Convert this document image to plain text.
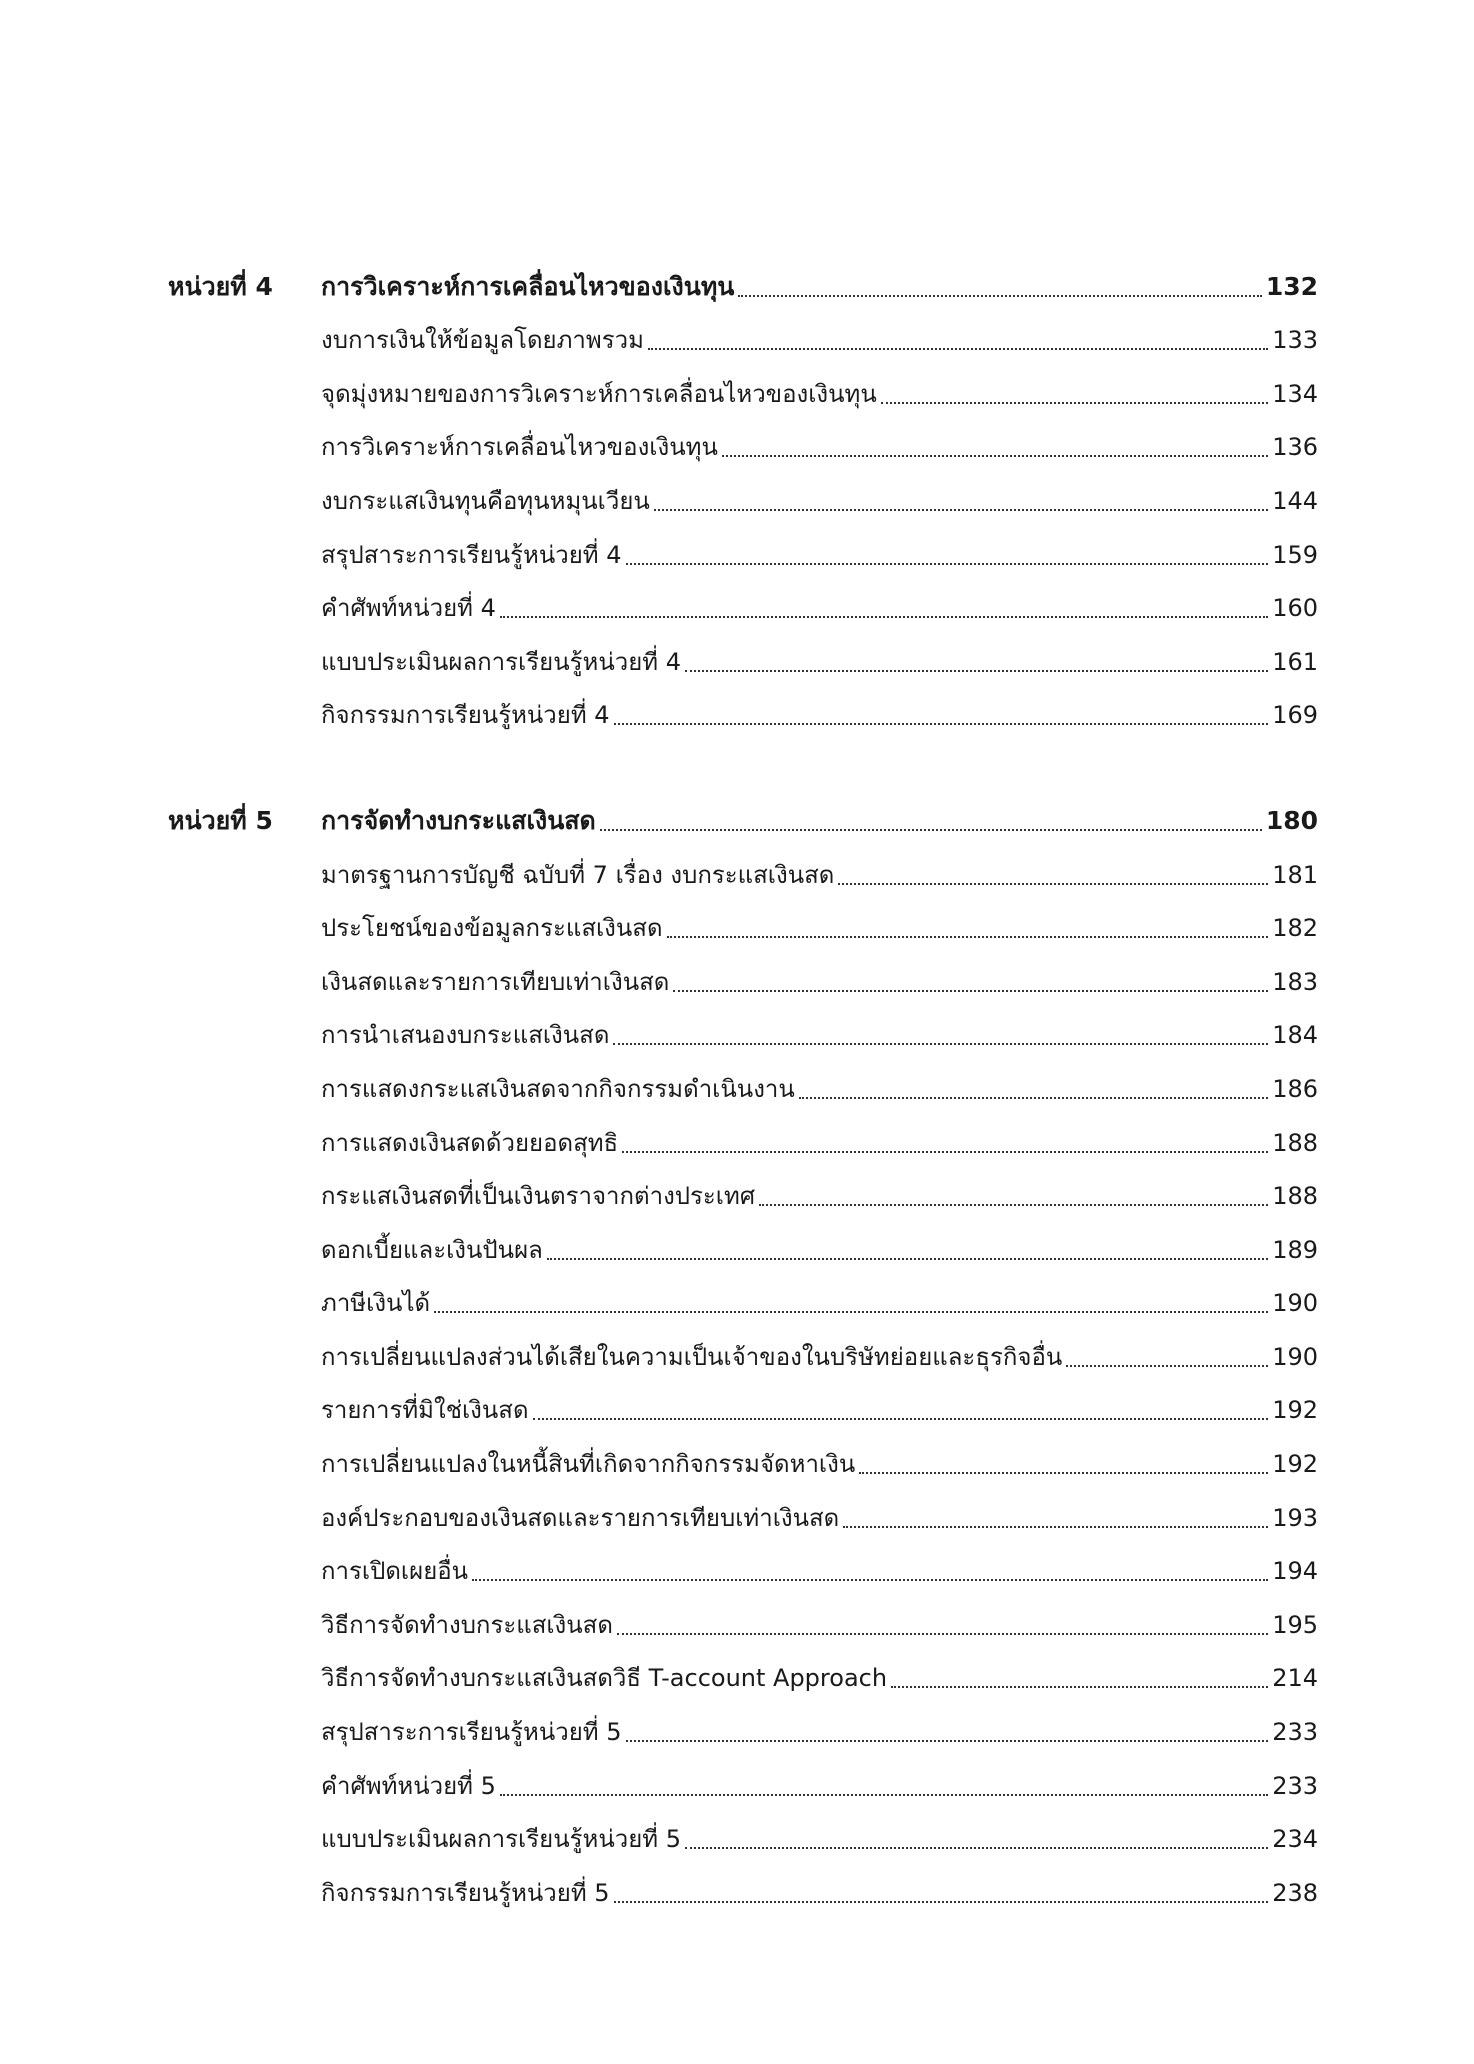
หน่วยที่ 4	การวิเคราะห์การเคลื่อนไหวของเงินทุน	132
งบการเงินให้ข้อมูลโดยภาพรวม	133
จุดมุ่งหมายของการวิเคราะห์การเคลื่อนไหวของเงินทุน	134
การวิเคราะห์การเคลื่อนไหวของเงินทุน	136
งบกระแสเงินทุนคือทุนหมุนเวียน	144
สรุปสาระการเรียนรู้หน่วยที่ 4	159
คำศัพท์หน่วยที่ 4	160
แบบประเมินผลการเรียนรู้หน่วยที่ 4	161
กิจกรรมการเรียนรู้หน่วยที่ 4	169
หน่วยที่ 5	การจัดทำงบกระแสเงินสด	180
มาตรฐานการบัญชี ฉบับที่ 7 เรื่อง งบกระแสเงินสด	181
ประโยชน์ของข้อมูลกระแสเงินสด	182
เงินสดและรายการเทียบเท่าเงินสด	183
การนำเสนองบกระแสเงินสด	184
การแสดงกระแสเงินสดจากกิจกรรมดำเนินงาน	186
การแสดงเงินสดด้วยยอดสุทธิ	188
กระแสเงินสดที่เป็นเงินตราจากต่างประเทศ	188
ดอกเบี้ยและเงินปันผล	189
ภาษีเงินได้	190
การเปลี่ยนแปลงส่วนได้เสียในความเป็นเจ้าของในบริษัทย่อยและธุรกิจอื่น	190
รายการที่มิใช่เงินสด	192
การเปลี่ยนแปลงในหนี้สินที่เกิดจากกิจกรรมจัดหาเงิน	192
องค์ประกอบของเงินสดและรายการเทียบเท่าเงินสด	193
การเปิดเผยอื่น	194
วิธีการจัดทำงบกระแสเงินสด	195
วิธีการจัดทำงบกระแสเงินสดวิธี T-account Approach	214
สรุปสาระการเรียนรู้หน่วยที่ 5	233
คำศัพท์หน่วยที่ 5	233
แบบประเมินผลการเรียนรู้หน่วยที่ 5	234
กิจกรรมการเรียนรู้หน่วยที่ 5	238
